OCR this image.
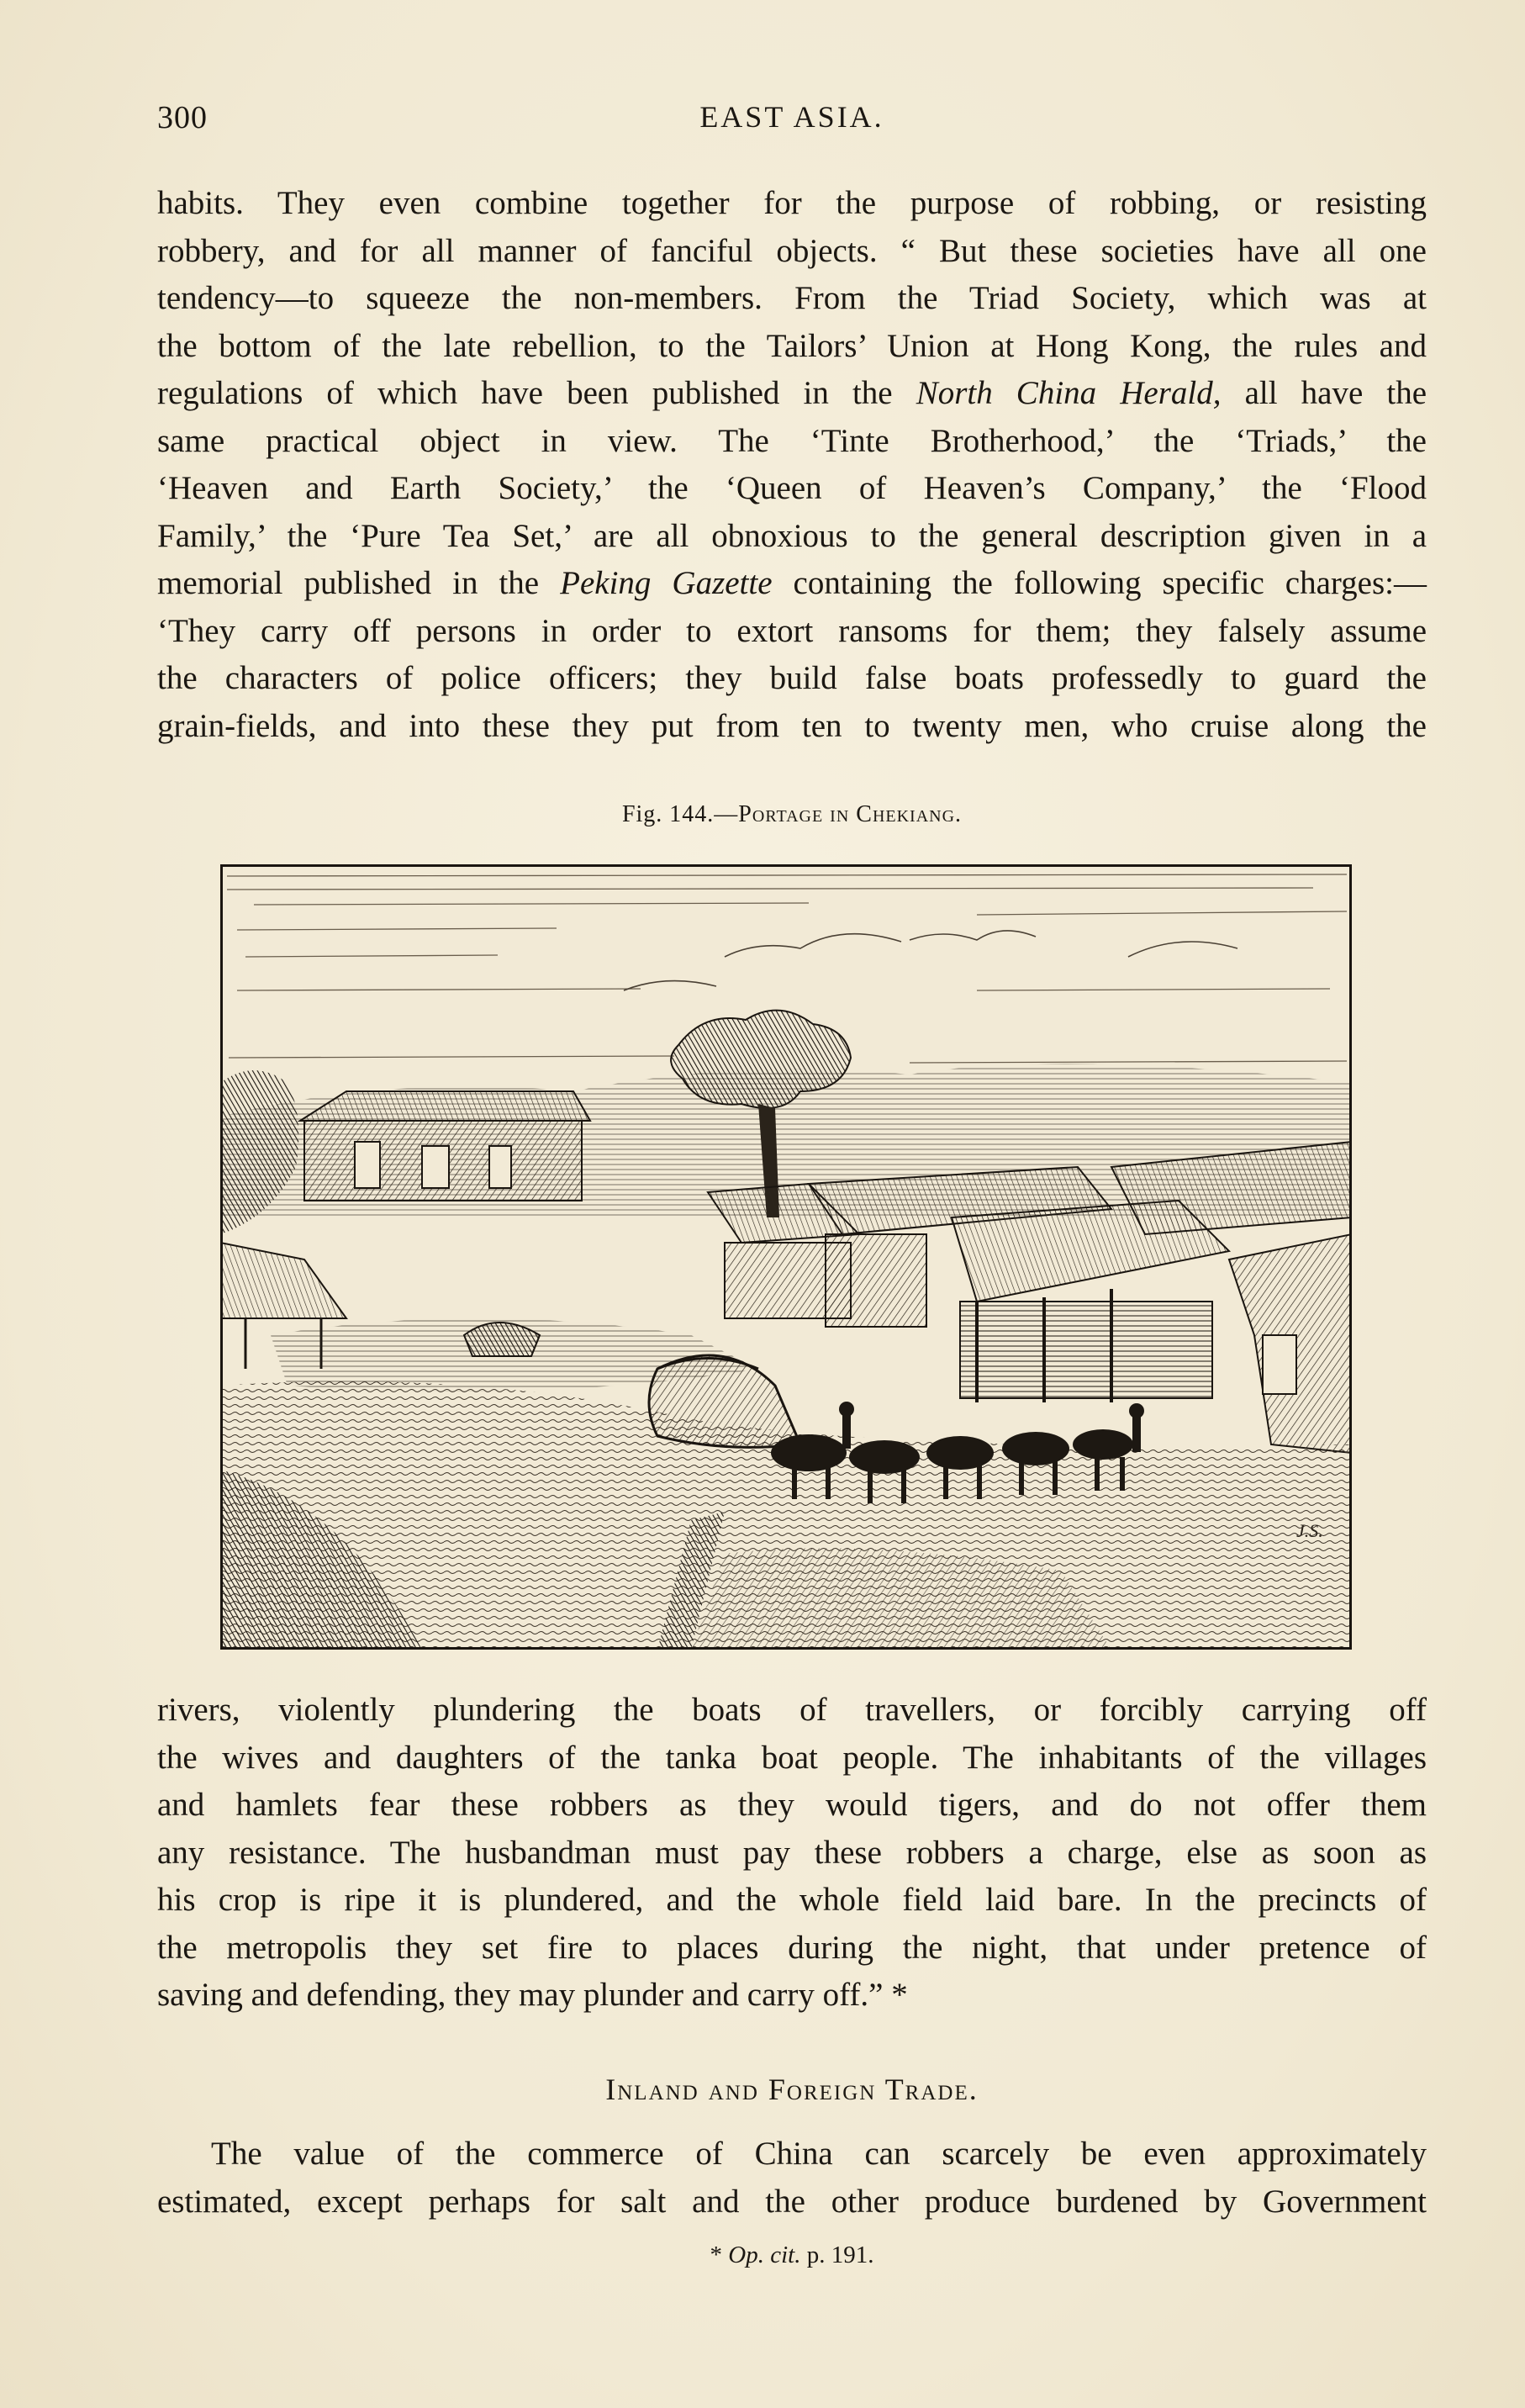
300	EAST ASIA.
habits. They even combine together for the purpose of robbing, or resisting
robbery, and for all manner of fanciful objects. “ But these societies have all one
tendency—to squeeze the non-members. From the Triad Society, which was at
the bottom of the late rebellion, to the Tailors’ Union at Hong Kong, the rules and
regulations of which have been published in the North China Herald, all have the
same practical object in view. The ‘Tinte Brotherhood,’ the ‘Triads,’ the
‘Heaven and Earth Society,’ the ‘Queen of Heaven’s Company,’ the ‘Flood
Family,’ the ‘Pure Tea Set,’ are all obnoxious to the general description given in a
memorial published in the Peking Gazette containing the following specific charges:—
‘They carry off persons in order to extort ransoms for them; they falsely assume
the characters of police officers; they build false boats professedly to guard the
grain-fields, and into these they put from ten to twenty men, who cruise along the
Fig. 144.—Portage in Chekiang.
J.S.
rivers, violently plundering the boats of travellers, or forcibly carrying off
the wives and daughters of the tanka boat people. The inhabitants of the villages
and hamlets fear these robbers as they would tigers, and do not offer them
any resistance. The husbandman must pay these robbers a charge, else as soon as
his crop is ripe it is plundered, and the whole field laid bare. In the precincts of
the metropolis they set fire to places during the night, that under pretence of
saving and defending, they may plunder and carry off.” *
Inland and Foreign Trade.
The value of the commerce of China can scarcely be even approximately
estimated, except perhaps for salt and the other produce burdened by Government
* Op. cit. p. 191.
